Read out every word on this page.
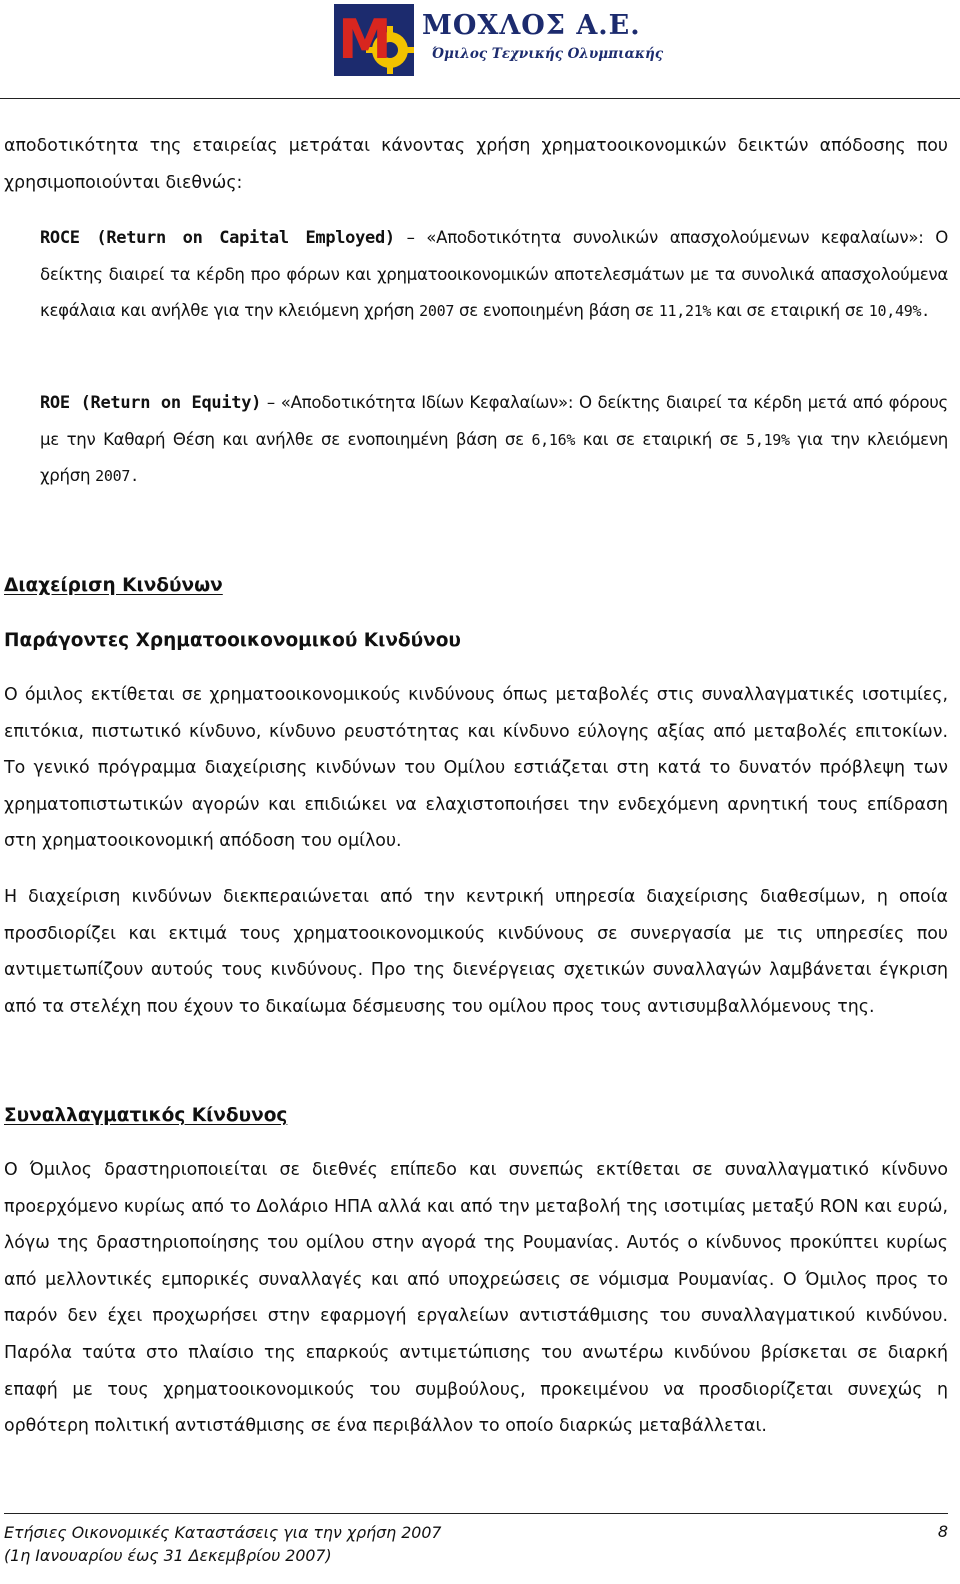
M ΜΟΧΛΟΣ Α.Ε.
Όμιλος Τεχνικής Ολυμπιακής

αποδοτικότητα της εταιρείας μετράται κάνοντας χρήση χρηματοοικονομικών δεικτών απόδοσης που χρησιμοποιούνται διεθνώς:

ROCE (Return on Capital Employed) – «Αποδοτικότητα συνολικών απασχολούμενων κεφαλαίων»: Ο δείκτης διαιρεί τα κέρδη προ φόρων και χρηματοοικονομικών αποτελεσμάτων με τα συνολικά απασχολούμενα κεφάλαια και ανήλθε για την κλειόμενη χρήση 2007 σε ενοποιημένη βάση σε 11,21% και σε εταιρική σε 10,49%.

ROE (Return on Equity) – «Αποδοτικότητα Ιδίων Κεφαλαίων»: Ο δείκτης διαιρεί τα κέρδη μετά από φόρους με την Καθαρή Θέση και ανήλθε σε ενοποιημένη βάση σε 6,16% και σε εταιρική σε 5,19% για την κλειόμενη χρήση 2007.

Διαχείριση Κινδύνων
Παράγοντες Χρηματοοικονομικού Κινδύνου

Ο όμιλος εκτίθεται σε χρηματοοικονομικούς κινδύνους όπως μεταβολές στις συναλλαγματικές ισοτιμίες, επιτόκια, πιστωτικό κίνδυνο, κίνδυνο ρευστότητας και κίνδυνο εύλογης αξίας από μεταβολές επιτοκίων. Το γενικό πρόγραμμα διαχείρισης κινδύνων του Ομίλου εστιάζεται στη κατά το δυνατόν πρόβλεψη των χρηματοπιστωτικών αγορών και επιδιώκει να ελαχιστοποιήσει την ενδεχόμενη αρνητική τους επίδραση στη χρηματοοικονομική απόδοση του ομίλου.

Η διαχείριση κινδύνων διεκπεραιώνεται από την κεντρική υπηρεσία διαχείρισης διαθεσίμων, η οποία προσδιορίζει και εκτιμά τους χρηματοοικονομικούς κινδύνους σε συνεργασία με τις υπηρεσίες που αντιμετωπίζουν αυτούς τους κινδύνους. Προ της διενέργειας σχετικών συναλλαγών λαμβάνεται έγκριση από τα στελέχη που έχουν το δικαίωμα δέσμευσης του ομίλου προς τους αντισυμβαλλόμενους της.

Συναλλαγματικός Κίνδυνος

Ο Όμιλος δραστηριοποιείται σε διεθνές επίπεδο και συνεπώς εκτίθεται σε συναλλαγματικό κίνδυνο προερχόμενο κυρίως από το Δολάριο ΗΠΑ αλλά και από την μεταβολή της ισοτιμίας μεταξύ RON και ευρώ, λόγω της δραστηριοποίησης του ομίλου στην αγορά της Ρουμανίας. Αυτός ο κίνδυνος προκύπτει κυρίως από μελλοντικές εμπορικές συναλλαγές και από υποχρεώσεις σε νόμισμα Ρουμανίας. Ο Όμιλος προς το παρόν δεν έχει προχωρήσει στην εφαρμογή εργαλείων αντιστάθμισης του συναλλαγματικού κινδύνου. Παρόλα ταύτα στο πλαίσιο της επαρκούς αντιμετώπισης του ανωτέρω κινδύνου βρίσκεται σε διαρκή επαφή με τους χρηματοοικονομικούς του συμβούλους, προκειμένου να προσδιορίζεται συνεχώς η ορθότερη πολιτική αντιστάθμισης σε ένα περιβάλλον το οποίο διαρκώς μεταβάλλεται.

Ετήσιες Οικονομικές Καταστάσεις για την χρήση 2007
(1η Ιανουαρίου έως 31 Δεκεμβρίου 2007)
8
